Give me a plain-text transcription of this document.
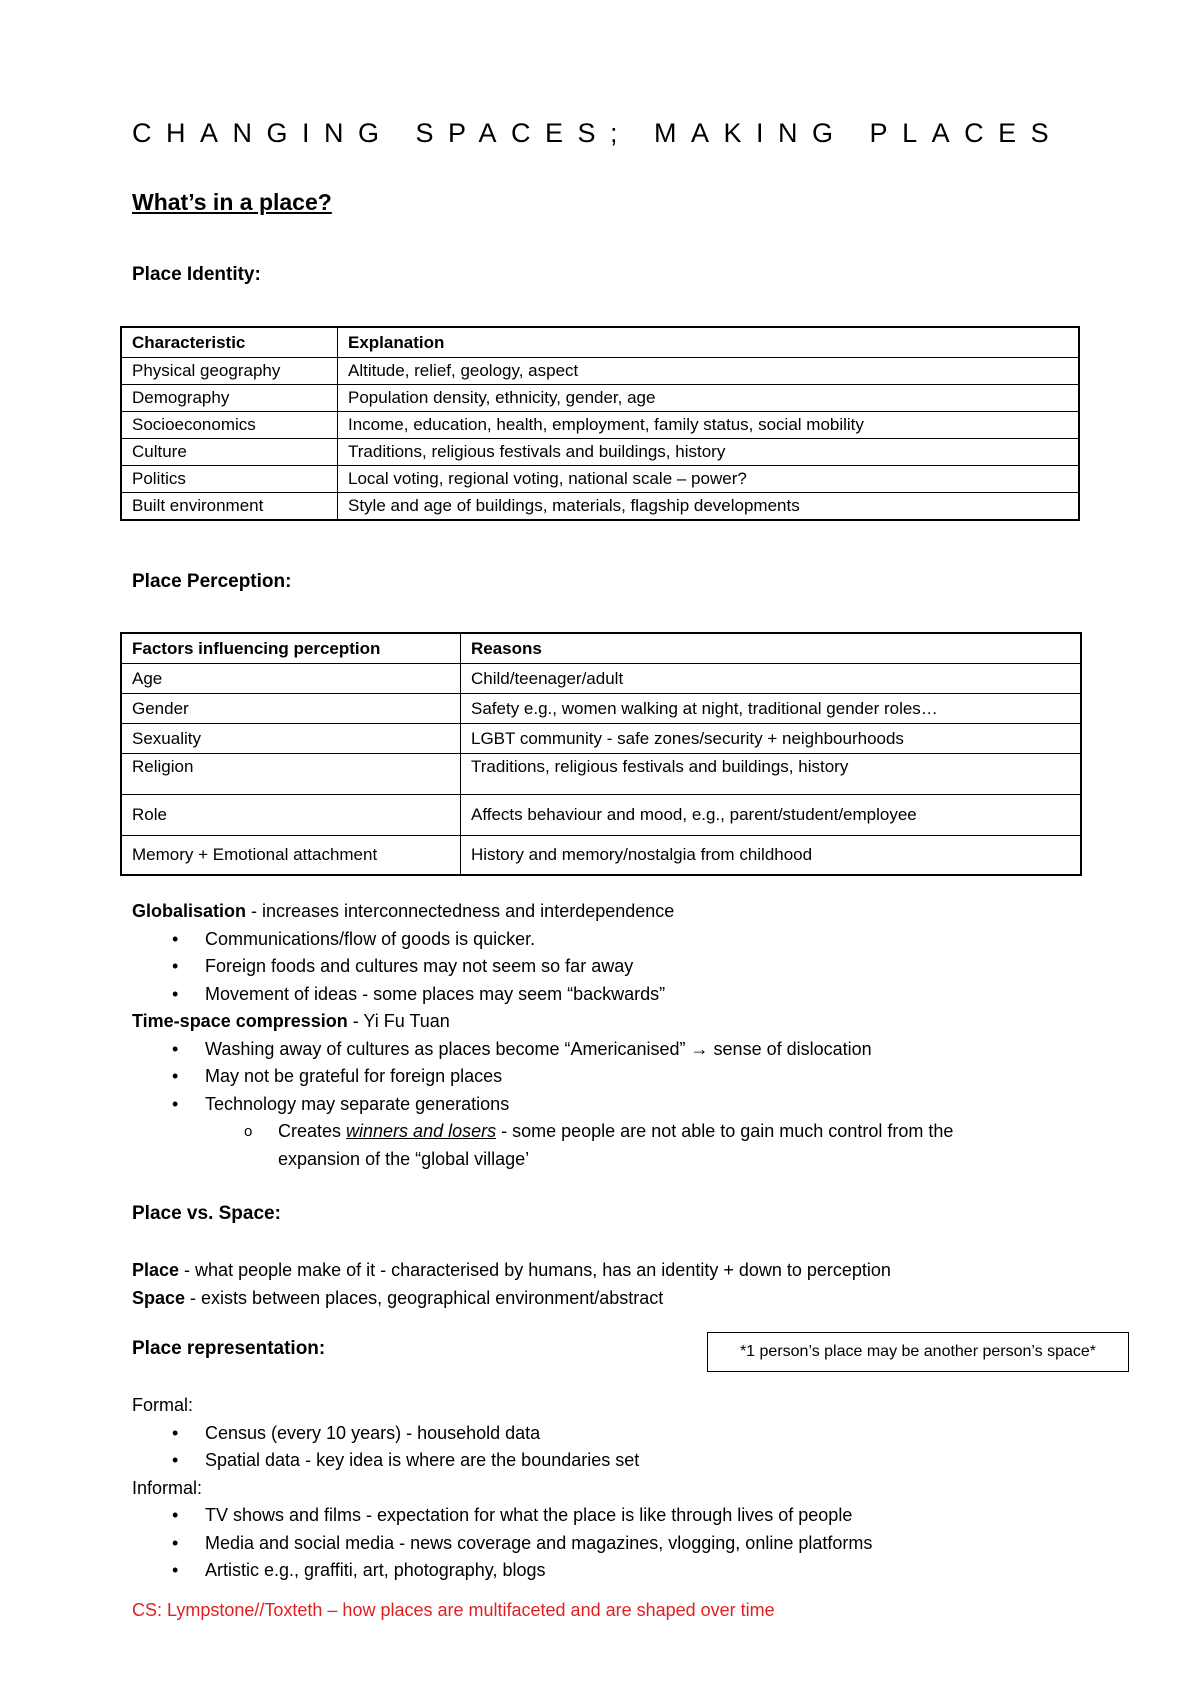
CHANGING SPACES; MAKING PLACES
What’s in a place?
Place Identity:
Characteristic	Explanation
Physical geography	Altitude, relief, geology, aspect
Demography	Population density, ethnicity, gender, age
Socioeconomics	Income, education, health, employment, family status, social mobility
Culture	Traditions, religious festivals and buildings, history
Politics	Local voting, regional voting, national scale – power?
Built environment	Style and age of buildings, materials, flagship developments
Place Perception:
Factors influencing perception	Reasons
Age	Child/teenager/adult
Gender	Safety e.g., women walking at night, traditional gender roles…
Sexuality	LGBT community - safe zones/security + neighbourhoods
Religion	Traditions, religious festivals and buildings, history
Role	Affects behaviour and mood, e.g., parent/student/employee
Memory + Emotional attachment	History and memory/nostalgia from childhood

Globalisation - increases interconnectedness and interdependence

• Communications/flow of goods is quicker.
• Foreign foods and cultures may not seem so far away
• Movement of ideas - some places may seem “backwards”

Time-space compression - Yi Fu Tuan

• Washing away of cultures as places become “Americanised” → sense of dislocation
• May not be grateful for foreign places
• Technology may separate generations
o Creates winners and losers - some people are not able to gain much control from the
expansion of the “global village’
Place vs. Space:

Place - what people make of it - characterised by humans, has an identity + down to perception

Space - exists between places, geographical environment/abstract

Place representation:	*1 person’s place may be another person’s space*

Formal:

• Census (every 10 years) - household data
• Spatial data - key idea is where are the boundaries set

Informal:

• TV shows and films - expectation for what the place is like through lives of people
• Media and social media - news coverage and magazines, vlogging, online platforms
• Artistic e.g., graffiti, art, photography, blogs
CS: Lympstone//Toxteth – how places are multifaceted and are shaped over time
